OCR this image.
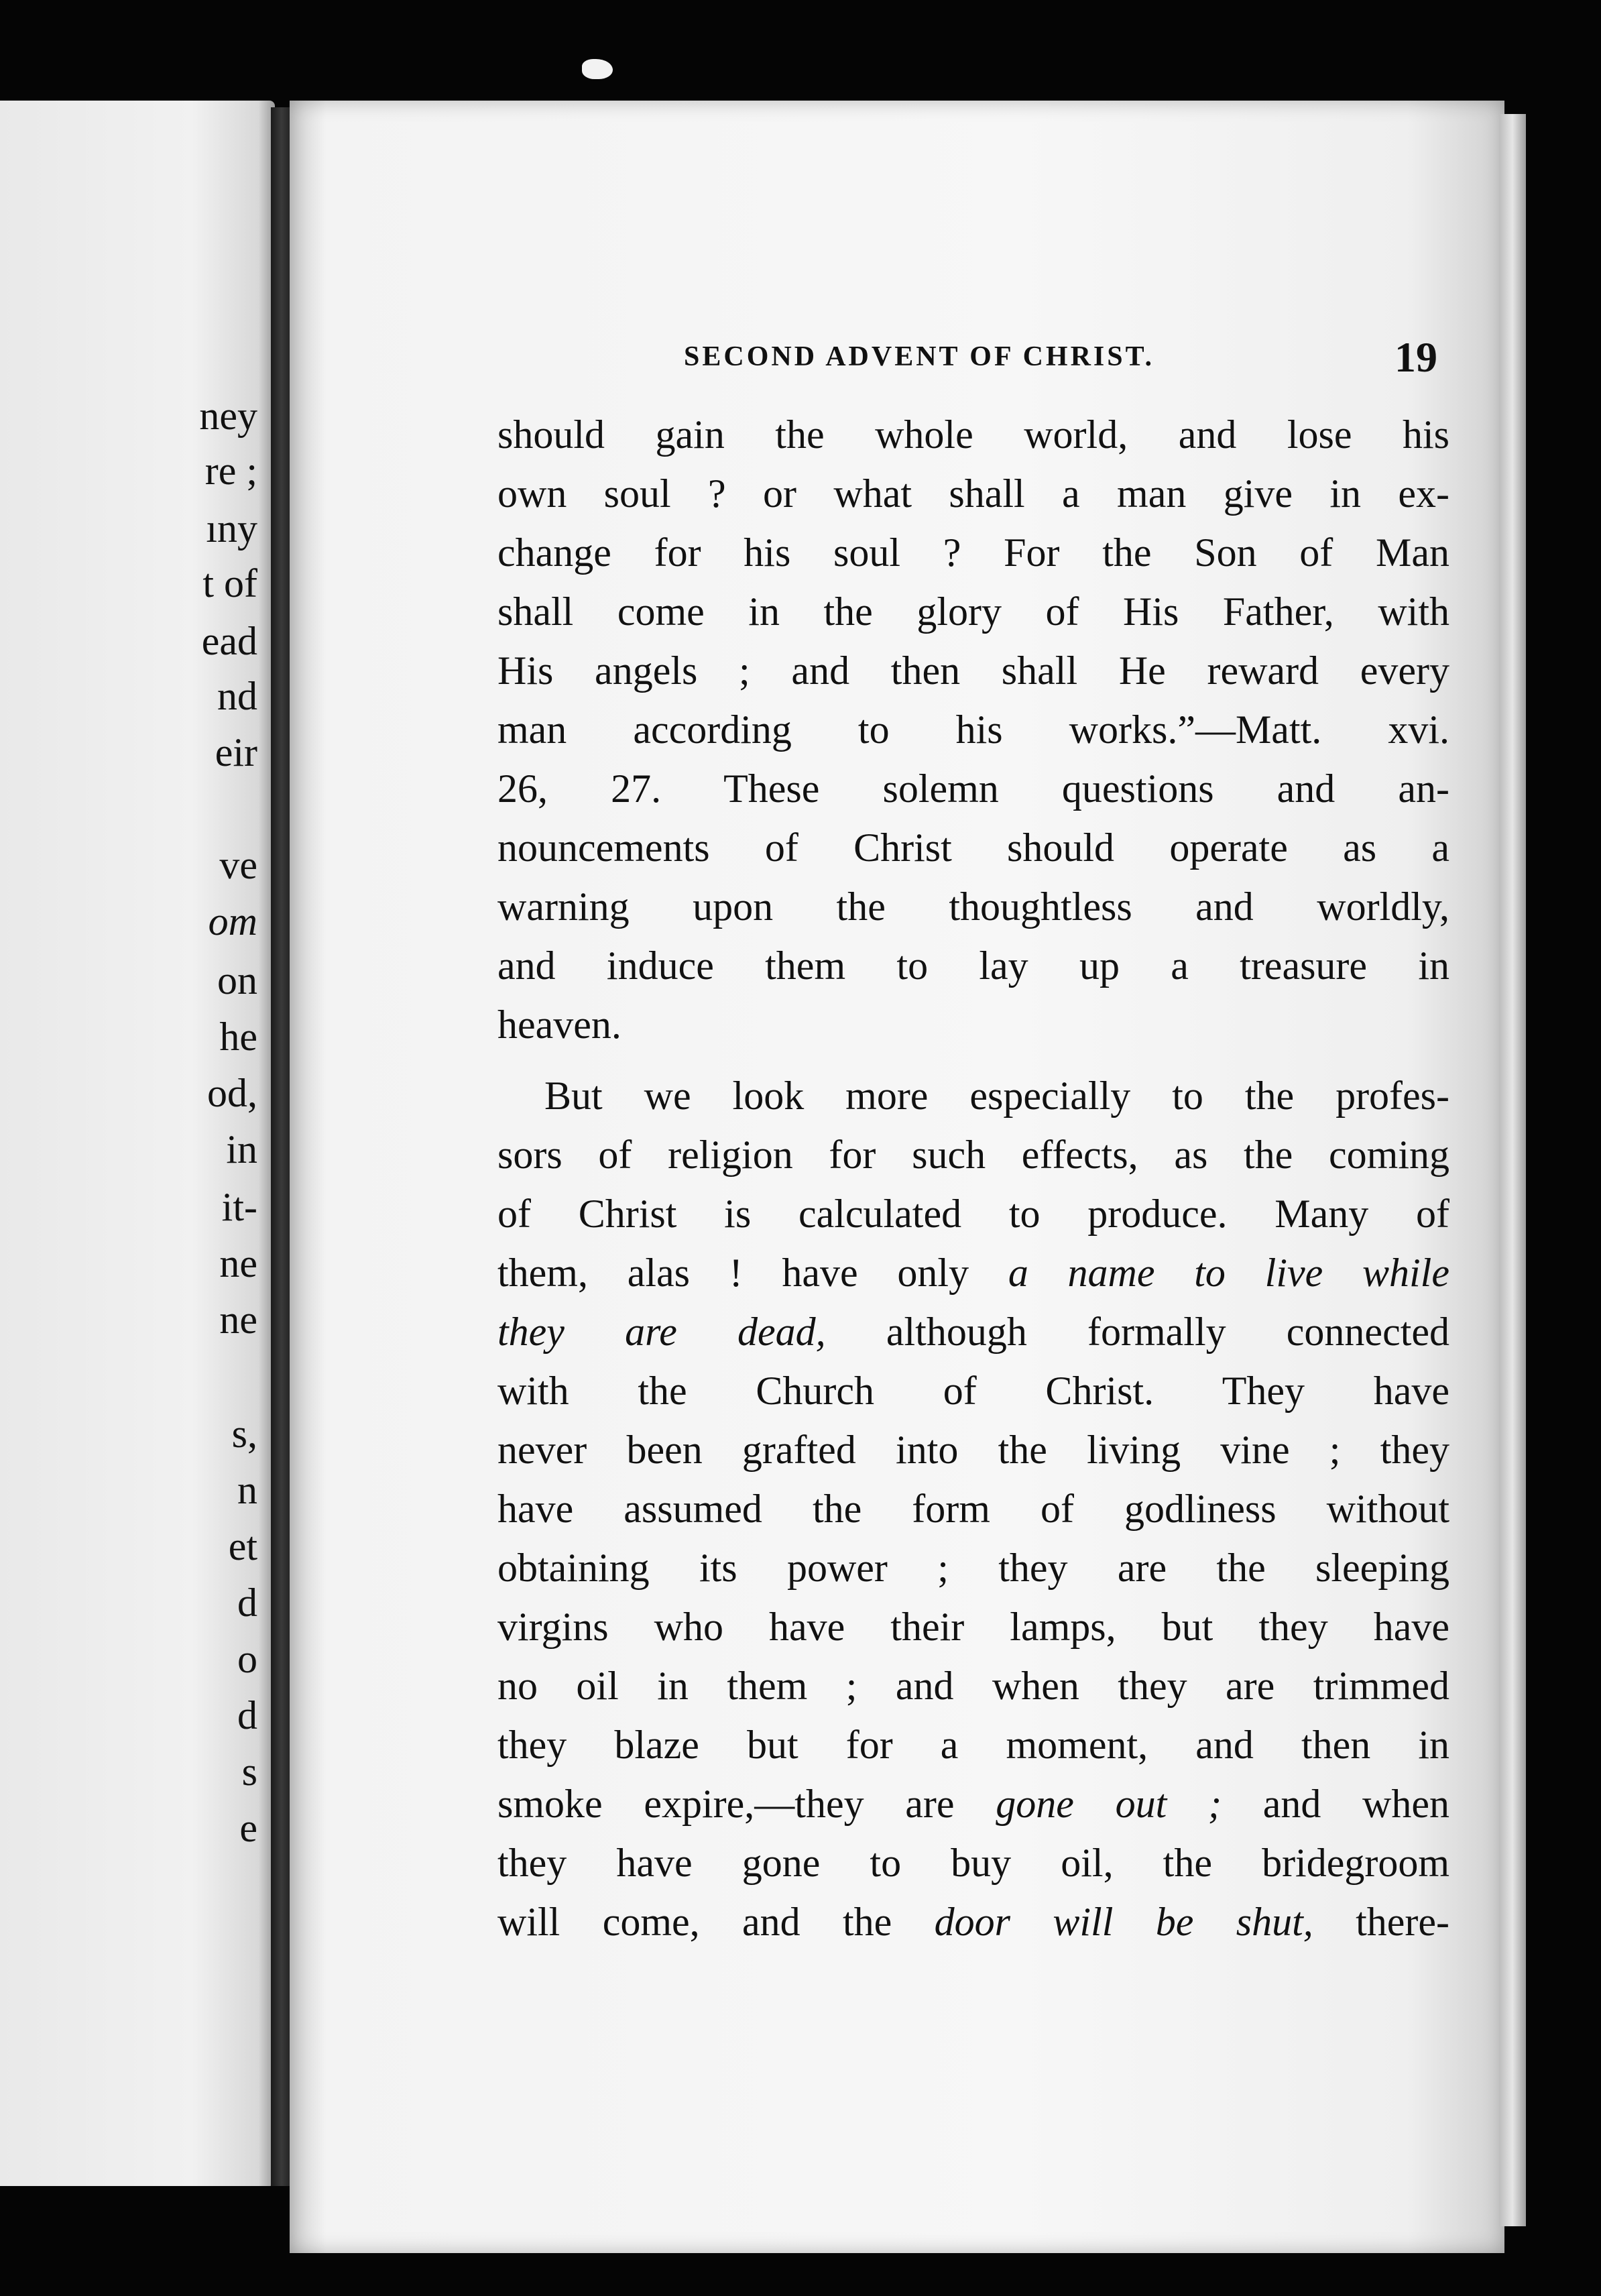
ney
re ;
ıny
t of
ead
nd
eir
ve
om
on
he
od,
in
it-
ne
ne
s,
n
et
d
o
d
s
e
SECOND ADVENT OF CHRIST.	19
should gain the whole world, and lose his
own soul ? or what shall a man give in ex-
change for his soul ? For the Son of Man
shall come in the glory of His Father, with
His angels ; and then shall He reward every
man according to his works.”—Matt. xvi.
26, 27. These solemn questions and an-
nouncements of Christ should operate as a
warning upon the thoughtless and worldly,
and induce them to lay up a treasure in
heaven.
But we look more especially to the profes-
sors of religion for such effects, as the coming
of Christ is calculated to produce. Many of
them, alas ! have only a name to live while
they are dead, although formally connected
with the Church of Christ. They have
never been grafted into the living vine ; they
have assumed the form of godliness without
obtaining its power ; they are the sleeping
virgins who have their lamps, but they have
no oil in them ; and when they are trimmed
they blaze but for a moment, and then in
smoke expire,—they are gone out ; and when
they have gone to buy oil, the bridegroom
will come, and the door will be shut, there-
